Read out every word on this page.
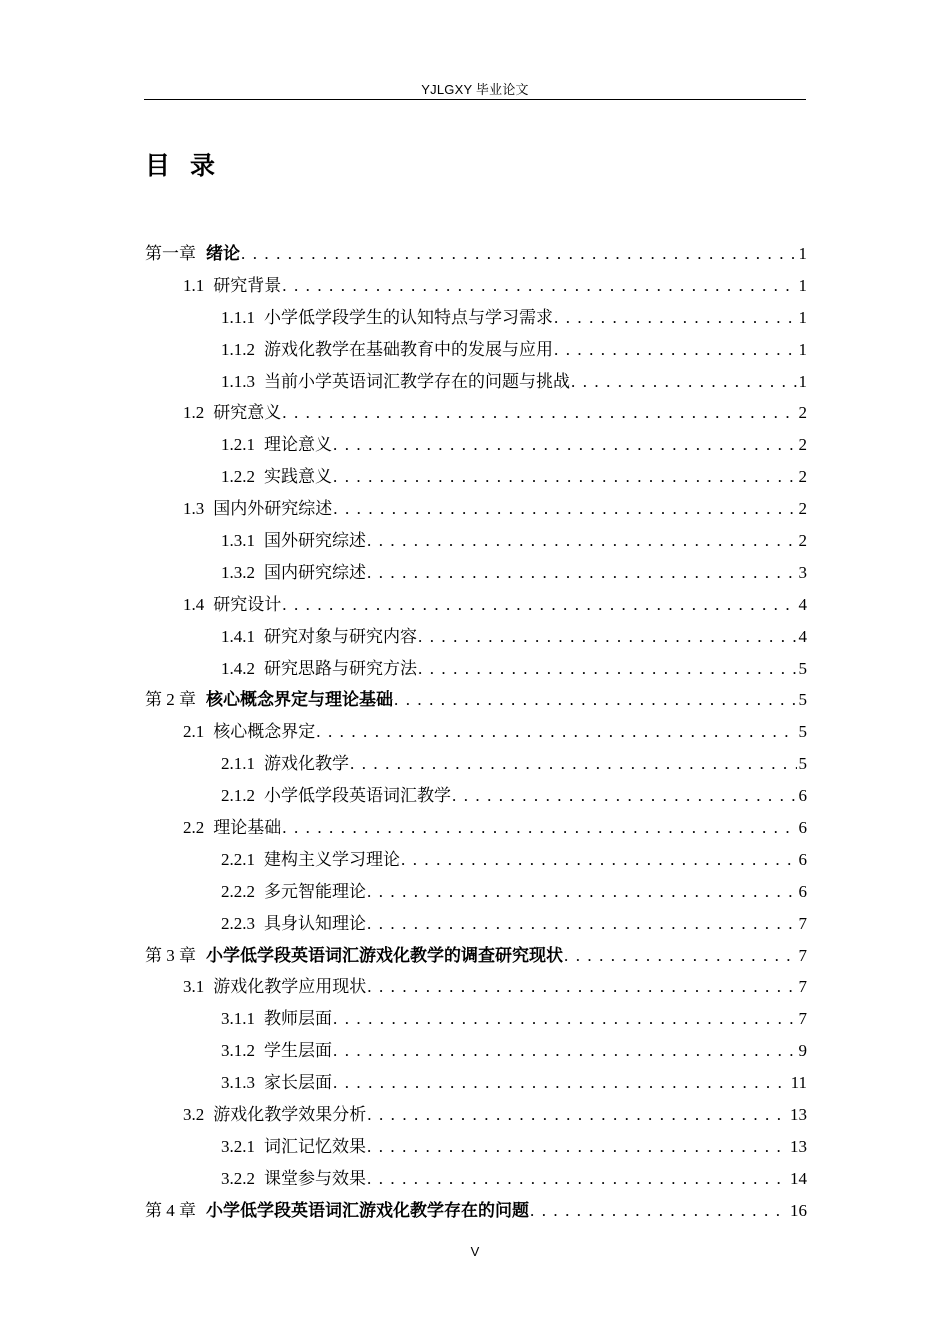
YJLGXY 毕业论文
目录
第一章 绪论 . . .	1
1.1 研究背景 . . .	1
1.1.1 小学低学段学生的认知特点与学习需求 . . .	1
1.1.2 游戏化教学在基础教育中的发展与应用 . . .	1
1.1.3 当前小学英语词汇教学存在的问题与挑战 . . .	1
1.2 研究意义 . . .	2
1.2.1 理论意义 . . .	2
1.2.2 实践意义 . . .	2
1.3 国内外研究综述 . . .	2
1.3.1 国外研究综述 . . .	2
1.3.2 国内研究综述 . . .	3
1.4 研究设计 . . .	4
1.4.1 研究对象与研究内容 . . .	4
1.4.2 研究思路与研究方法 . . .	5
第 2 章 核心概念界定与理论基础 . . .	5
2.1 核心概念界定 . . .	5
2.1.1 游戏化教学 . . .	5
2.1.2 小学低学段英语词汇教学 . . .	6
2.2 理论基础 . . .	6
2.2.1 建构主义学习理论 . . .	6
2.2.2 多元智能理论 . . .	6
2.2.3 具身认知理论 . . .	7
第 3 章 小学低学段英语词汇游戏化教学的调查研究现状 . . .	7
3.1 游戏化教学应用现状 . . .	7
3.1.1 教师层面 . . .	7
3.1.2 学生层面 . . .	9
3.1.3 家长层面 . . .	11
3.2 游戏化教学效果分析 . . .	13
3.2.1 词汇记忆效果 . . .	13
3.2.2 课堂参与效果 . . .	14
第 4 章 小学低学段英语词汇游戏化教学存在的问题 . . .	16
V
